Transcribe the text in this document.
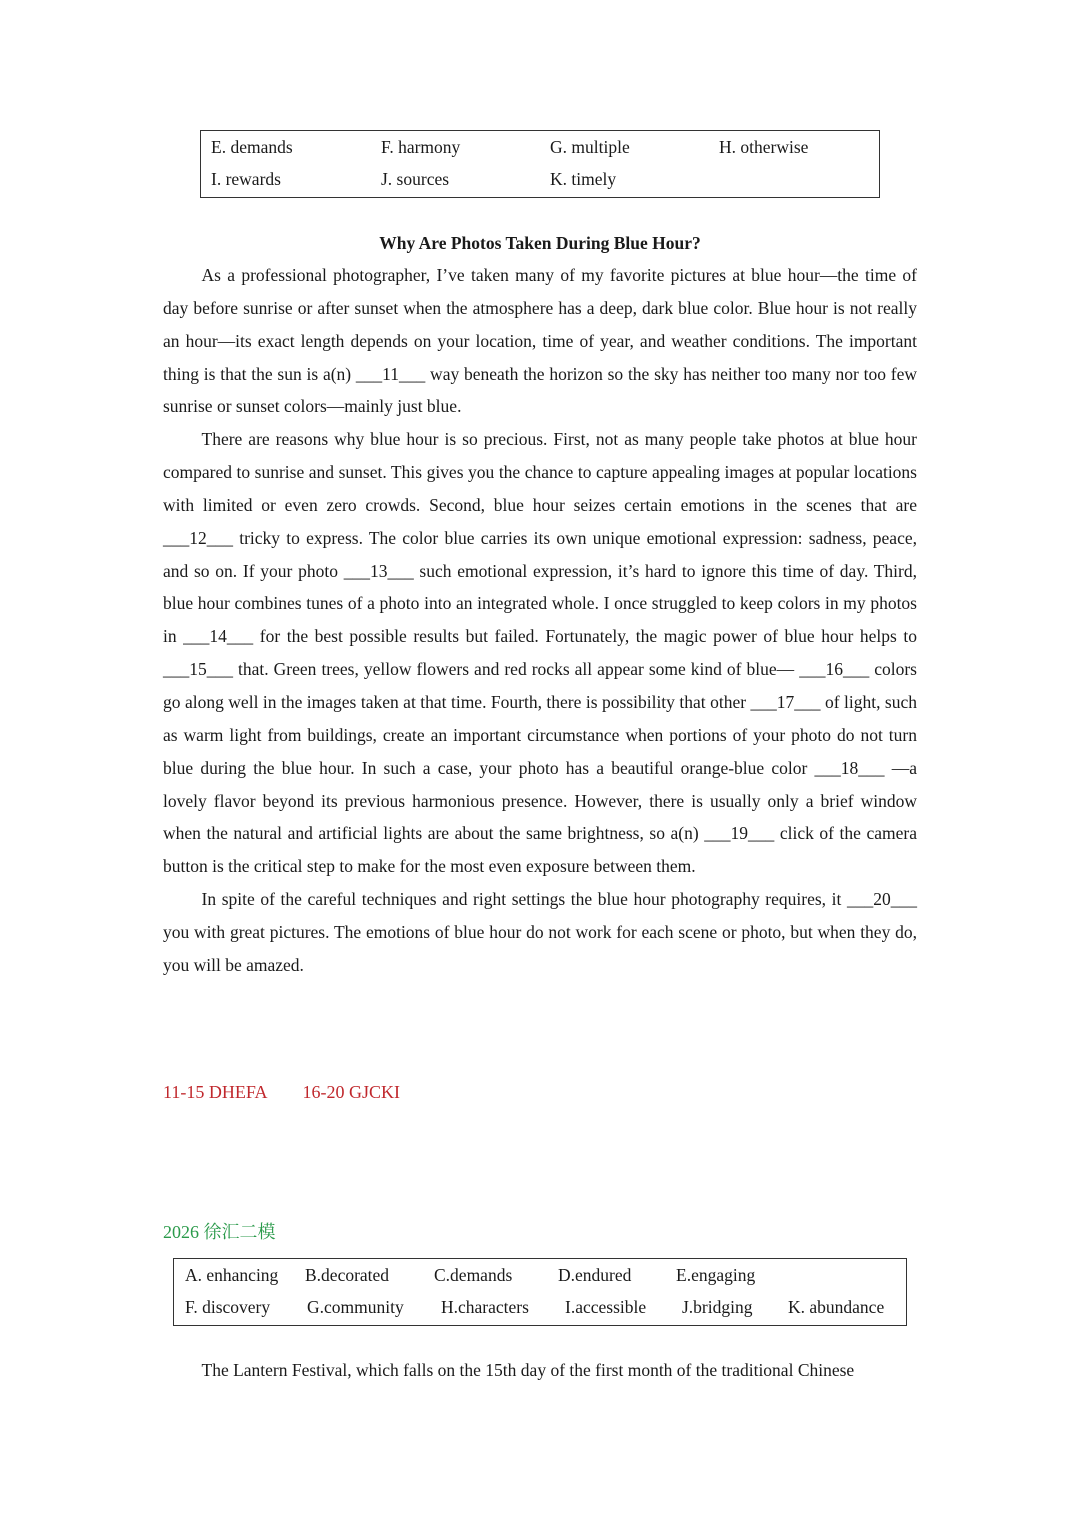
E. demands	F. harmony	G. multiple	H. otherwise
I. rewards	J. sources	K. timely
Why Are Photos Taken During Blue Hour?

As a professional photographer, I’ve taken many of my favorite pictures at blue hour—the time of day before sunrise or after sunset when the atmosphere has a deep, dark blue color. Blue hour is not really an hour—its exact length depends on your location, time of year, and weather conditions. The important thing is that the sun is a(n) ___11___ way beneath the horizon so the sky has neither too many nor too few sunrise or sunset colors—mainly just blue.

There are reasons why blue hour is so precious. First, not as many people take photos at blue hour compared to sunrise and sunset. This gives you the chance to capture appealing images at popular locations with limited or even zero crowds. Second, blue hour seizes certain emotions in the scenes that are ___12___ tricky to express. The color blue carries its own unique emotional expression: sadness, peace, and so on. If your photo ___13___ such emotional expression, it’s hard to ignore this time of day. Third, blue hour combines tunes of a photo into an integrated whole. I once struggled to keep colors in my photos in ___14___ for the best possible results but failed. Fortunately, the magic power of blue hour helps to ___15___ that. Green trees, yellow flowers and red rocks all appear some kind of blue— ___16___ colors go along well in the images taken at that time. Fourth, there is possibility that other ___17___ of light, such as warm light from buildings, create an important circumstance when portions of your photo do not turn blue during the blue hour. In such a case, your photo has a beautiful orange-blue color ___18___ —a lovely flavor beyond its previous harmonious presence. However, there is usually only a brief window when the natural and artificial lights are about the same brightness, so a(n) ___19___ click of the camera button is the critical step to make for the most even exposure between them.

In spite of the careful techniques and right settings the blue hour photography requires, it ___20___ you with great pictures. The emotions of blue hour do not work for each scene or photo, but when they do, you will be amazed.

11-15 DHEFA 16-20 GJCKI
2026 徐汇二模
A. enhancing B.decorated	C.demands	D.endured	E.engaging
F. discovery G.community H.characters I.accessible J.bridging K. abundance
The Lantern Festival, which falls on the 15th day of the first month of the traditional Chinese
